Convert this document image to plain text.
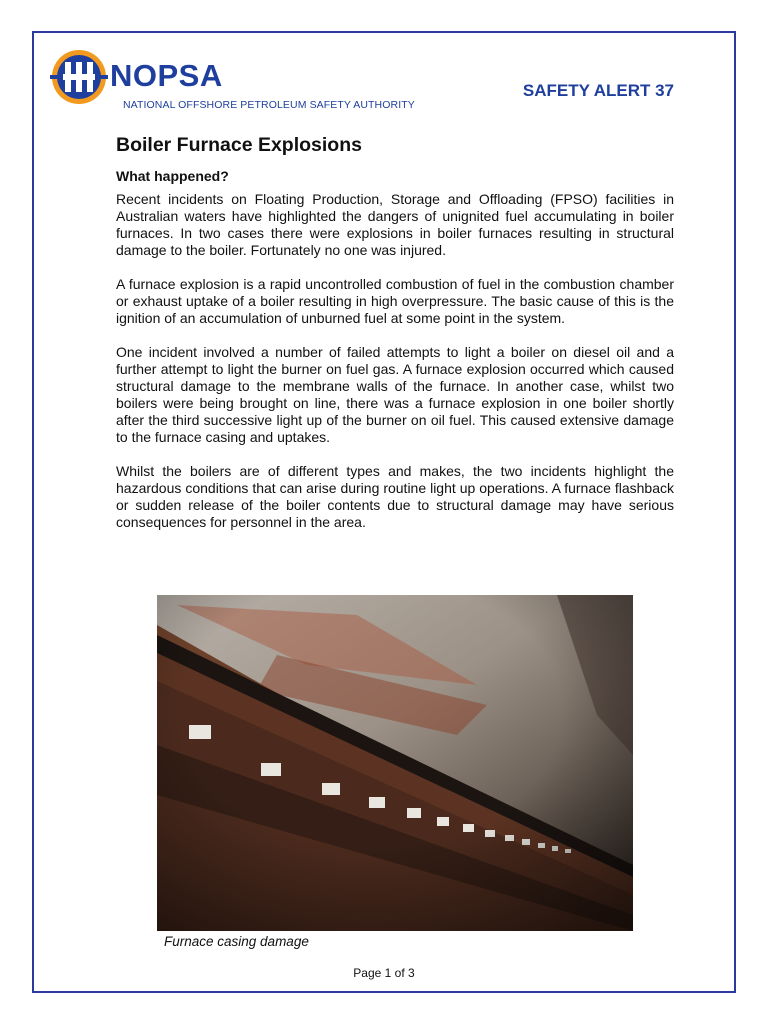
NOPSA
NATIONAL OFFSHORE PETROLEUM SAFETY AUTHORITY
SAFETY ALERT 37
Boiler Furnace Explosions
What happened?

Recent incidents on Floating Production, Storage and Offloading (FPSO) facilities in Australian waters have highlighted the dangers of unignited fuel accumulating in boiler furnaces. In two cases there were explosions in boiler furnaces resulting in structural damage to the boiler. Fortunately no one was injured.

A furnace explosion is a rapid uncontrolled combustion of fuel in the combustion chamber or exhaust uptake of a boiler resulting in high overpressure. The basic cause of this is the ignition of an accumulation of unburned fuel at some point in the system.

One incident involved a number of failed attempts to light a boiler on diesel oil and a further attempt to light the burner on fuel gas. A furnace explosion occurred which caused structural damage to the membrane walls of the furnace. In another case, whilst two boilers were being brought on line, there was a furnace explosion in one boiler shortly after the third successive light up of the burner on oil fuel. This caused extensive damage to the furnace casing and uptakes.

Whilst the boilers are of different types and makes, the two incidents highlight the hazardous conditions that can arise during routine light up operations. A furnace flashback or sudden release of the boiler contents due to structural damage may have serious consequences for personnel in the area.

Furnace casing damage
Page 1 of 3
